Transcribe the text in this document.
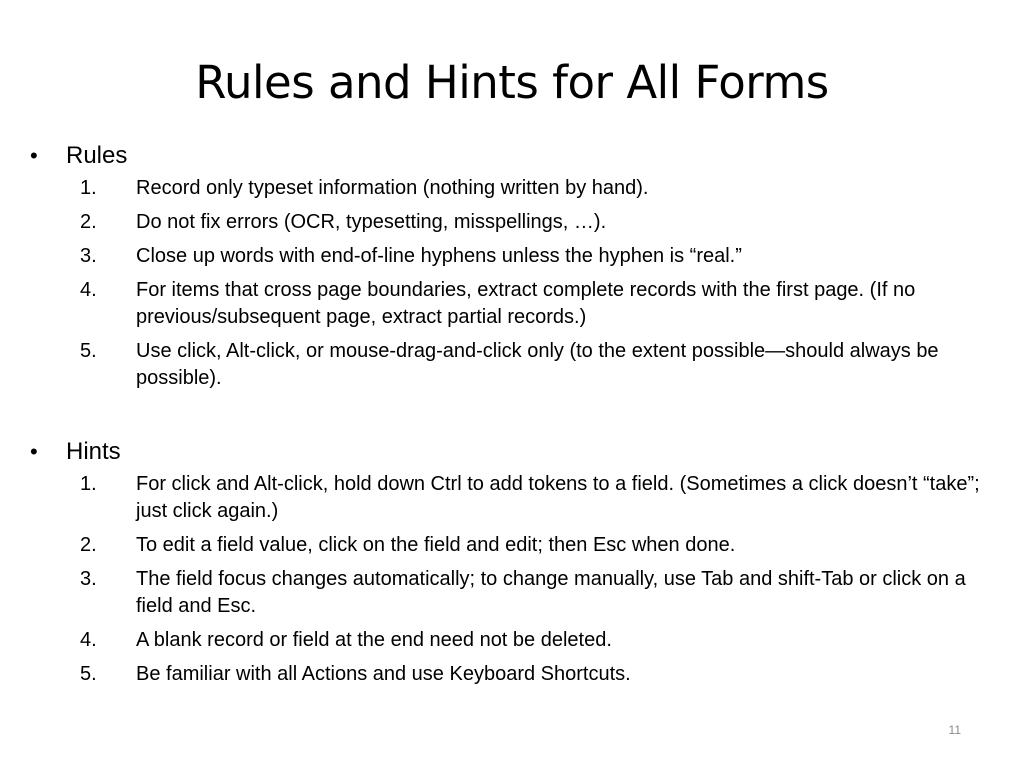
Rules and Hints for All Forms
•	Rules
1.	Record only typeset information (nothing written by hand).
2.	Do not fix errors (OCR, typesetting, misspellings, …).
3.	Close up words with end-of-line hyphens unless the hyphen is “real.”
4.	For items that cross page boundaries, extract complete records with the first page. (If no previous/subsequent page, extract partial records.)
5.	Use click, Alt-click, or mouse-drag-and-click only (to the extent possible—should always be possible).
•	Hints
1.	For click and Alt-click, hold down Ctrl to add tokens to a field. (Sometimes a click doesn’t “take”; just click again.)
2.	To edit a field value, click on the field and edit; then Esc when done.
3.	The field focus changes automatically; to change manually, use Tab and shift-Tab or click on a field and Esc.
4.	A blank record or field at the end need not be deleted.
5.	Be familiar with all Actions and use Keyboard Shortcuts.
11
